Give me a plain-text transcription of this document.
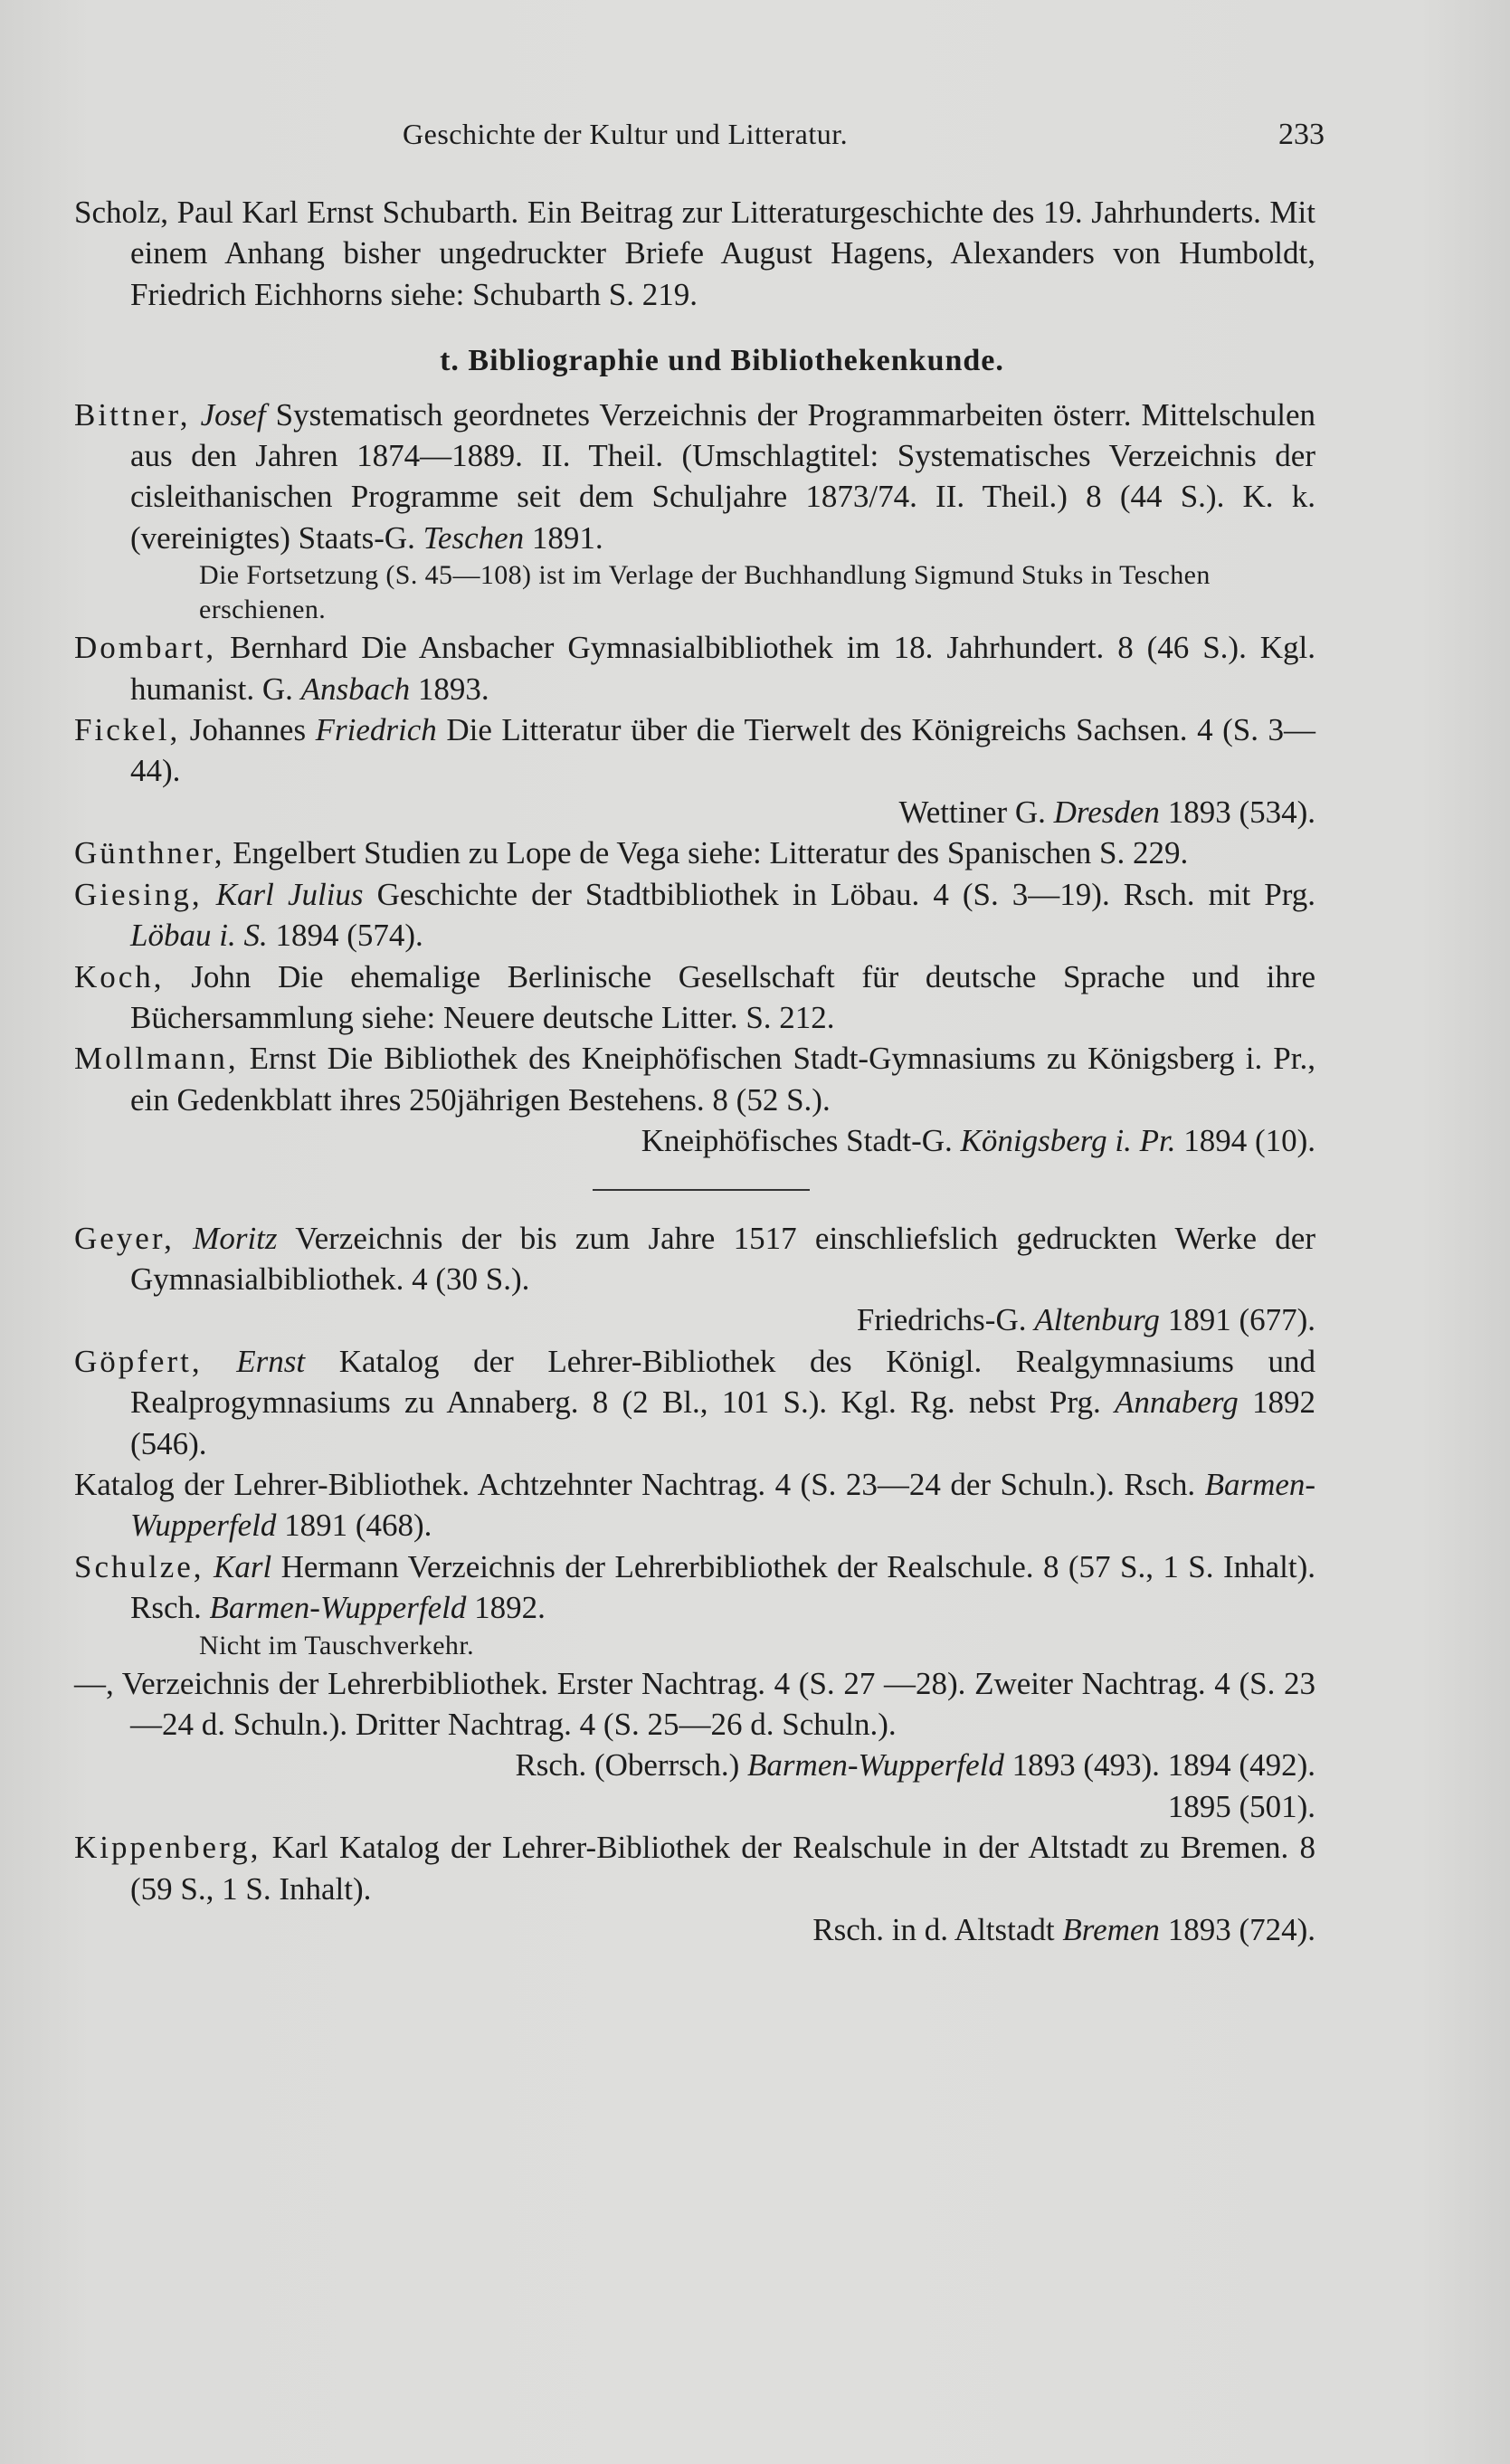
Geschichte der Kultur und Litteratur.	233
Scholz, Paul Karl Ernst Schubarth. Ein Beitrag zur Litteraturgeschichte des 19. Jahrhunderts. Mit einem Anhang bisher ungedruckter Briefe August Hagens, Alexanders von Humboldt, Friedrich Eichhorns siehe: Schubarth S. 219.
t. Bibliographie und Bibliothekenkunde.
Bittner, Josef Systematisch geordnetes Verzeichnis der Programmarbeiten österr. Mittelschulen aus den Jahren 1874—1889. II. Theil. (Umschlagtitel: Systematisches Verzeichnis der cisleithanischen Programme seit dem Schuljahre 1873/74. II. Theil.) 8 (44 S.). K. k. (vereinigtes) Staats-G. Teschen 1891.
Die Fortsetzung (S. 45—108) ist im Verlage der Buchhandlung Sigmund Stuks in Teschen erschienen.
Dombart, Bernhard Die Ansbacher Gymnasialbibliothek im 18. Jahrhundert. 8 (46 S.). Kgl. humanist. G. Ansbach 1893.
Fickel, Johannes Friedrich Die Litteratur über die Tierwelt des Königreichs Sachsen. 4 (S. 3—44).
Wettiner G. Dresden 1893 (534).
Günthner, Engelbert Studien zu Lope de Vega siehe: Litteratur des Spanischen S. 229.
Giesing, Karl Julius Geschichte der Stadtbibliothek in Löbau. 4 (S. 3—19). Rsch. mit Prg. Löbau i. S. 1894 (574).
Koch, John Die ehemalige Berlinische Gesellschaft für deutsche Sprache und ihre Büchersammlung siehe: Neuere deutsche Litter. S. 212.
Mollmann, Ernst Die Bibliothek des Kneiphöfischen Stadt-Gymnasiums zu Königsberg i. Pr., ein Gedenkblatt ihres 250jährigen Bestehens. 8 (52 S.).
Kneiphöfisches Stadt-G. Königsberg i. Pr. 1894 (10).
Geyer, Moritz Verzeichnis der bis zum Jahre 1517 einschliefslich gedruckten Werke der Gymnasialbibliothek. 4 (30 S.).
Friedrichs-G. Altenburg 1891 (677).
Göpfert, Ernst Katalog der Lehrer-Bibliothek des Königl. Realgymnasiums und Realprogymnasiums zu Annaberg. 8 (2 Bl., 101 S.). Kgl. Rg. nebst Prg. Annaberg 1892 (546).
Katalog der Lehrer-Bibliothek. Achtzehnter Nachtrag. 4 (S. 23—24 der Schuln.). Rsch. Barmen-Wupperfeld 1891 (468).
Schulze, Karl Hermann Verzeichnis der Lehrerbibliothek der Realschule. 8 (57 S., 1 S. Inhalt). Rsch. Barmen-Wupperfeld 1892.
Nicht im Tauschverkehr.
—, Verzeichnis der Lehrerbibliothek. Erster Nachtrag. 4 (S. 27 —28). Zweiter Nachtrag. 4 (S. 23—24 d. Schuln.). Dritter Nachtrag. 4 (S. 25—26 d. Schuln.).
Rsch. (Oberrsch.) Barmen-Wupperfeld 1893 (493). 1894 (492).
1895 (501).
Kippenberg, Karl Katalog der Lehrer-Bibliothek der Realschule in der Altstadt zu Bremen. 8 (59 S., 1 S. Inhalt).
Rsch. in d. Altstadt Bremen 1893 (724).
